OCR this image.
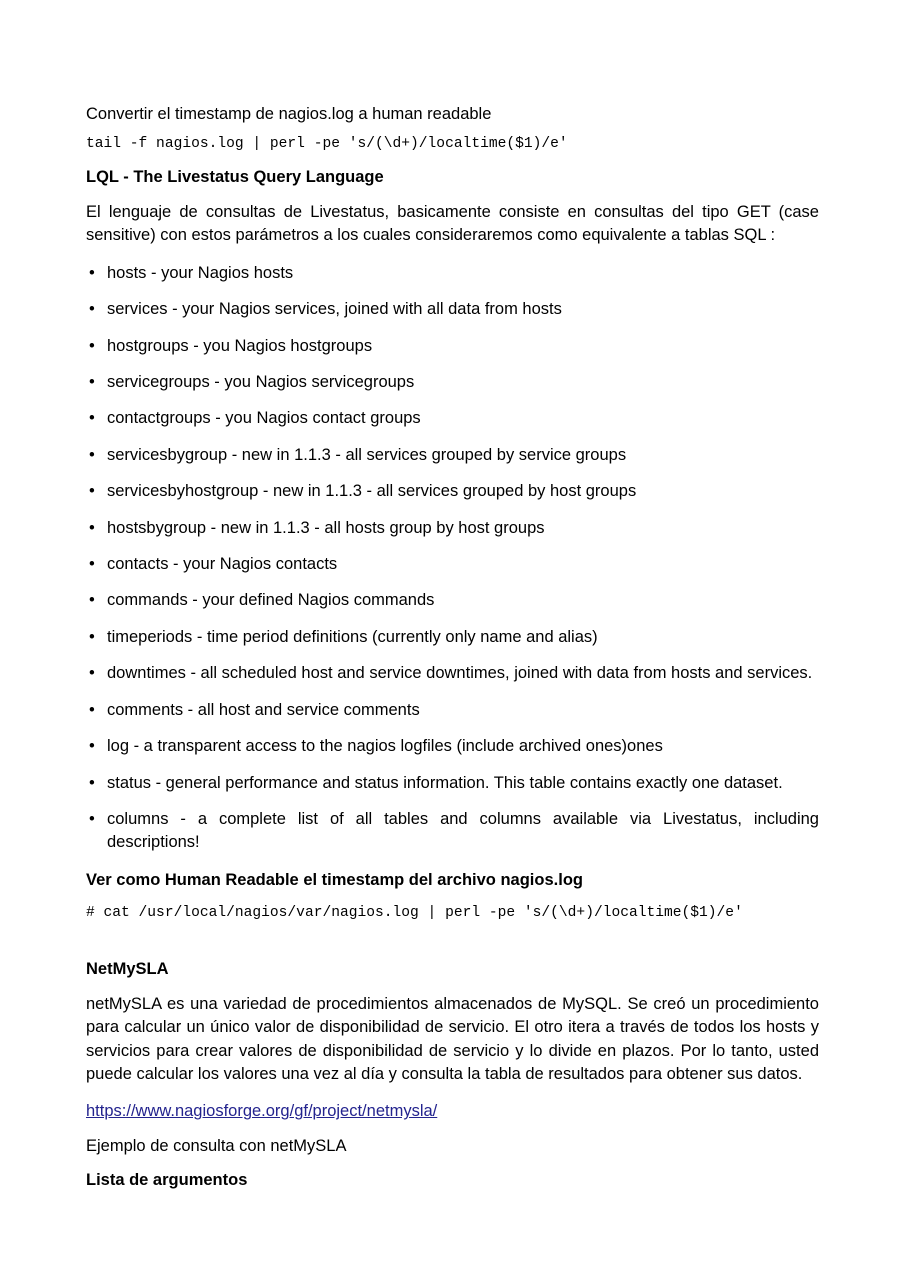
Convertir el timestamp de nagios.log a human readable

tail -f nagios.log | perl -pe 's/(\d+)/localtime($1)/e'
LQL - The Livestatus Query Language

El lenguaje de consultas de Livestatus, basicamente consiste en consultas del tipo GET (case sensitive) con estos parámetros a los cuales consideraremos como equivalente a tablas SQL :

• hosts - your Nagios hosts
• services - your Nagios services, joined with all data from hosts
• hostgroups - you Nagios hostgroups
• servicegroups - you Nagios servicegroups
• contactgroups - you Nagios contact groups
• servicesbygroup - new in 1.1.3 - all services grouped by service groups
• servicesbyhostgroup - new in 1.1.3 - all services grouped by host groups
• hostsbygroup - new in 1.1.3 - all hosts group by host groups
• contacts - your Nagios contacts
• commands - your defined Nagios commands
• timeperiods - time period definitions (currently only name and alias)
• downtimes - all scheduled host and service downtimes, joined with data from hosts and services.
• comments - all host and service comments
• log - a transparent access to the nagios logfiles (include archived ones)ones
• status - general performance and status information. This table contains exactly one dataset.
• columns - a complete list of all tables and columns available via Livestatus, including descriptions!
Ver como Human Readable el timestamp del archivo nagios.log
# cat /usr/local/nagios/var/nagios.log | perl -pe 's/(\d+)/localtime($1)/e'
NetMySLA

netMySLA es una variedad de procedimientos almacenados de MySQL. Se creó un procedimiento para calcular un único valor de disponibilidad de servicio. El otro itera a través de todos los hosts y servicios para crear valores de disponibilidad de servicio y lo divide en plazos. Por lo tanto, usted puede calcular los valores una vez al día y consulta la tabla de resultados para obtener sus datos.

https://www.nagiosforge.org/gf/project/netmysla/

Ejemplo de consulta con netMySLA

Lista de argumentos
